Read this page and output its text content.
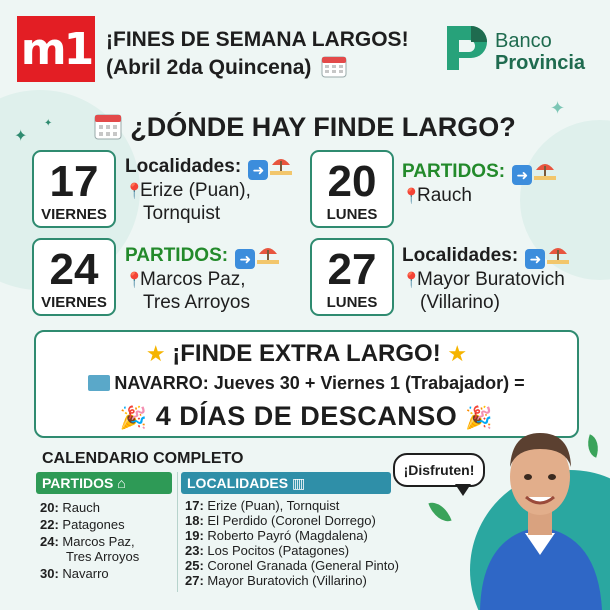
m1 ¡FINES DE SEMANA LARGOS!
(Abril 2da Quincena)
Banco
Provincia
✦
✦
✦	¿DÓNDE HAY FINDE LARGO?
17
VIERNES
Localidades: ➜
📍Erize (Puan),
Tornquist
20
LUNES
PARTIDOS: ➜
📍Rauch
24
VIERNES
PARTIDOS: ➜
📍Marcos Paz,
Tres Arroyos
27
LUNES
Localidades: ➜
📍Mayor Buratovich
(Villarino)
★ ¡FINDE EXTRA LARGO! ★
NAVARRO: Jueves 30 + Viernes 1 (Trabajador) =
🎉 4 DÍAS DE DESCANSO 🎉
CALENDARIO COMPLETO
PARTIDOS ⌂	LOCALIDADES ▥
20: Rauch
22: Patagones
24: Marcos Paz,
Tres Arroyos
30: Navarro
17: Erize (Puan), Tornquist
18: El Perdido (Coronel Dorrego)
19: Roberto Payró (Magdalena)
23: Los Pocitos (Patagones)
25: Coronel Granada (General Pinto)
27: Mayor Buratovich (Villarino)
¡Disfruten!
